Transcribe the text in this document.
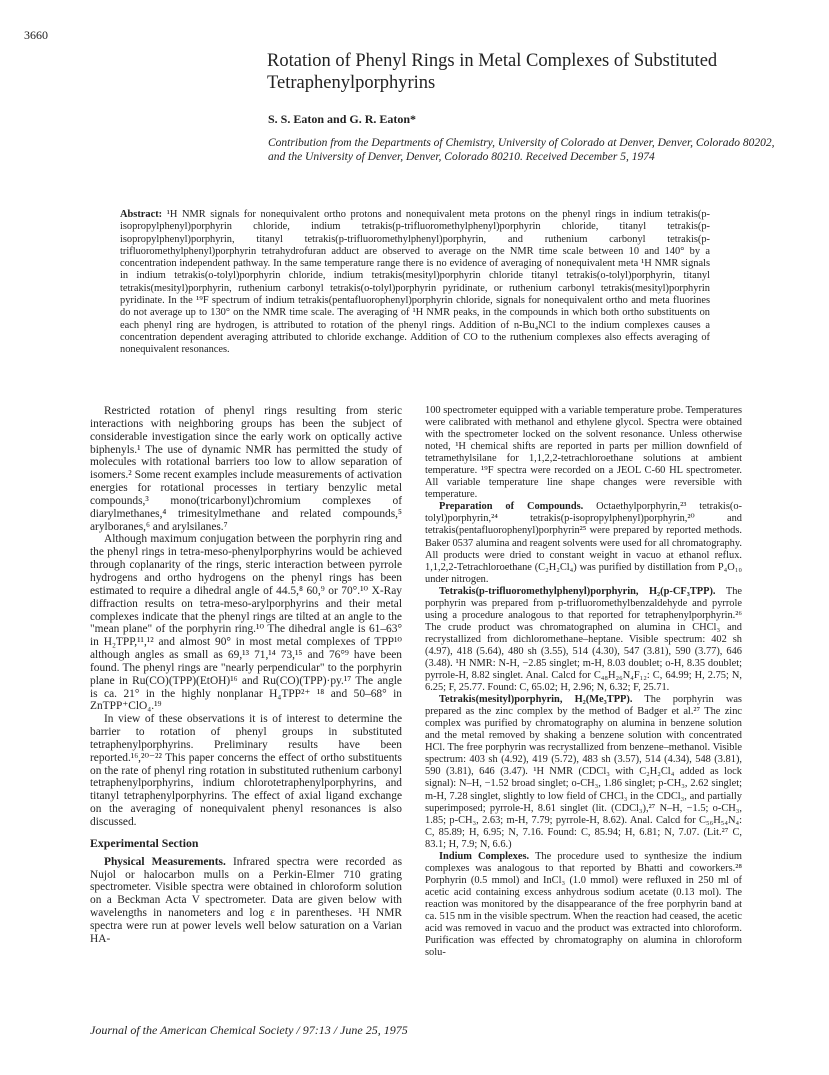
3660
Rotation of Phenyl Rings in Metal Complexes of Substituted Tetraphenylporphyrins
S. S. Eaton and G. R. Eaton*
Contribution from the Departments of Chemistry, University of Colorado at Denver, Denver, Colorado 80202, and the University of Denver, Denver, Colorado 80210. Received December 5, 1974
Abstract: ¹H NMR signals for nonequivalent ortho protons and nonequivalent meta protons on the phenyl rings in indium tetrakis(p-isopropylphenyl)porphyrin chloride, indium tetrakis(p-trifluoromethylphenyl)porphyrin chloride, titanyl tetrakis(p-isopropylphenyl)porphyrin, titanyl tetrakis(p-trifluoromethylphenyl)porphyrin, and ruthenium carbonyl tetrakis(p-trifluoromethylphenyl)porphyrin tetrahydrofuran adduct are observed to average on the NMR time scale between 10 and 140° by a concentration independent pathway. In the same temperature range there is no evidence of averaging of nonequivalent meta ¹H NMR signals in indium tetrakis(o-tolyl)porphyrin chloride, indium tetrakis(mesityl)porphyrin chloride titanyl tetrakis(o-tolyl)porphyrin, titanyl tetrakis(mesityl)porphyrin, ruthenium carbonyl tetrakis(o-tolyl)porphyrin pyridinate, or ruthenium carbonyl tetrakis(mesityl)porphyrin pyridinate. In the ¹⁹F spectrum of indium tetrakis(pentafluorophenyl)porphyrin chloride, signals for nonequivalent ortho and meta fluorines do not average up to 130° on the NMR time scale. The averaging of ¹H NMR peaks, in the compounds in which both ortho substituents on each phenyl ring are hydrogen, is attributed to rotation of the phenyl rings. Addition of n-Bu₄NCl to the indium complexes causes a concentration dependent averaging attributed to chloride exchange. Addition of CO to the ruthenium complexes also effects averaging of nonequivalent resonances.

Restricted rotation of phenyl rings resulting from steric interactions with neighboring groups has been the subject of considerable investigation since the early work on optically active biphenyls.¹ The use of dynamic NMR has permitted the study of molecules with rotational barriers too low to allow separation of isomers.² Some recent examples include measurements of activation energies for rotational processes in tertiary benzylic metal compounds,³ mono(tricarbonyl)chromium complexes of diarylmethanes,⁴ trimesitylmethane and related compounds,⁵ arylboranes,⁶ and arylsilanes.⁷

Although maximum conjugation between the porphyrin ring and the phenyl rings in tetra-meso-phenylporphyrins would be achieved through coplanarity of the rings, steric interaction between pyrrole hydrogens and ortho hydrogens on the phenyl rings has been estimated to require a dihedral angle of 44.5,⁸ 60,⁹ or 70°.¹⁰ X-Ray diffraction results on tetra-meso-arylporphyrins and their metal complexes indicate that the phenyl rings are tilted at an angle to the "mean plane" of the porphyrin ring.¹⁰ The dihedral angle is 61–63° in H₂TPP,¹¹,¹² and almost 90° in most metal complexes of TPP¹⁰ although angles as small as 69,¹³ 71,¹⁴ 73,¹⁵ and 76°⁹ have been found. The phenyl rings are "nearly perpendicular" to the porphyrin plane in Ru(CO)(TPP)(EtOH)¹⁶ and Ru(CO)(TPP)·py.¹⁷ The angle is ca. 21° in the highly nonplanar H₄TPP²⁺ ¹⁸ and 50–68° in ZnTPP⁺ClO₄.¹⁹

In view of these observations it is of interest to determine the barrier to rotation of phenyl groups in substituted tetraphenylporphyrins. Preliminary results have been reported.¹⁶,²⁰⁻²² This paper concerns the effect of ortho substituents on the rate of phenyl ring rotation in substituted ruthenium carbonyl tetraphenylporphyrins, indium chlorotetraphenylporphyrins, and titanyl tetraphenylporphyrins. The effect of axial ligand exchange on the averaging of nonequivalent phenyl resonances is also discussed.

Experimental Section

Physical Measurements. Infrared spectra were recorded as Nujol or halocarbon mulls on a Perkin-Elmer 710 grating spectrometer. Visible spectra were obtained in chloroform solution on a Beckman Acta V spectrometer. Data are given below with wavelengths in nanometers and log ε in parentheses. ¹H NMR spectra were run at power levels well below saturation on a Varian HA-

100 spectrometer equipped with a variable temperature probe. Temperatures were calibrated with methanol and ethylene glycol. Spectra were obtained with the spectrometer locked on the solvent resonance. Unless otherwise noted, ¹H chemical shifts are reported in parts per million downfield of tetramethylsilane for 1,1,2,2-tetrachloroethane solutions at ambient temperature. ¹⁹F spectra were recorded on a JEOL C-60 HL spectrometer. All variable temperature line shape changes were reversible with temperature.

Preparation of Compounds. Octaethylporphyrin,²³ tetrakis(o-tolyl)porphyrin,²⁴ tetrakis(p-isopropylphenyl)porphyrin,²⁰ and tetrakis(pentafluorophenyl)porphyrin²⁵ were prepared by reported methods. Baker 0537 alumina and reagent solvents were used for all chromatography. All products were dried to constant weight in vacuo at ethanol reflux. 1,1,2,2-Tetrachloroethane (C₂H₂Cl₄) was purified by distillation from P₄O₁₀ under nitrogen.

Tetrakis(p-trifluoromethylphenyl)porphyrin, H₂(p-CF₃TPP). The porphyrin was prepared from p-trifluoromethylbenzaldehyde and pyrrole using a procedure analogous to that reported for tetraphenylporphyrin.²⁶ The crude product was chromatographed on alumina in CHCl₃ and recrystallized from dichloromethane–heptane. Visible spectrum: 402 sh (4.97), 418 (5.64), 480 sh (3.55), 514 (4.30), 547 (3.81), 590 (3.77), 646 (3.48). ¹H NMR: N-H, −2.85 singlet; m-H, 8.03 doublet; o-H, 8.35 doublet; pyrrole-H, 8.82 singlet. Anal. Calcd for C₄₈H₂₆N₄F₁₂: C, 64.99; H, 2.75; N, 6.25; F, 25.77. Found: C, 65.02; H, 2.96; N, 6.32; F, 25.71.

Tetrakis(mesityl)porphyrin, H₂(Me₃TPP). The porphyrin was prepared as the zinc complex by the method of Badger et al.²⁷ The zinc complex was purified by chromatography on alumina in benzene solution and the metal removed by shaking a benzene solution with concentrated HCl. The free porphyrin was recrystallized from benzene–methanol. Visible spectrum: 403 sh (4.92), 419 (5.72), 483 sh (3.57), 514 (4.34), 548 (3.81), 590 (3.81), 646 (3.47). ¹H NMR (CDCl₃ with C₂H₂Cl₄ added as lock signal): N–H, −1.52 broad singlet; o-CH₃, 1.86 singlet; p-CH₃, 2.62 singlet; m-H, 7.28 singlet, slightly to low field of CHCl₃ in the CDCl₃, and partially superimposed; pyrrole-H, 8.61 singlet (lit. (CDCl₃),²⁷ N–H, −1.5; o-CH₃, 1.85; p-CH₃, 2.63; m-H, 7.79; pyrrole-H, 8.62). Anal. Calcd for C₅₆H₅₄N₄: C, 85.89; H, 6.95; N, 7.16. Found: C, 85.94; H, 6.81; N, 7.07. (Lit.²⁷ C, 83.1; H, 7.9; N, 6.6.)

Indium Complexes. The procedure used to synthesize the indium complexes was analogous to that reported by Bhatti and coworkers.²⁸ Porphyrin (0.5 mmol) and InCl₃ (1.0 mmol) were refluxed in 250 ml of acetic acid containing excess anhydrous sodium acetate (0.13 mol). The reaction was monitored by the disappearance of the free porphyrin band at ca. 515 nm in the visible spectrum. When the reaction had ceased, the acetic acid was removed in vacuo and the product was extracted into chloroform. Purification was effected by chromatography on alumina in chloroform solu-

Journal of the American Chemical Society / 97:13 / June 25, 1975
